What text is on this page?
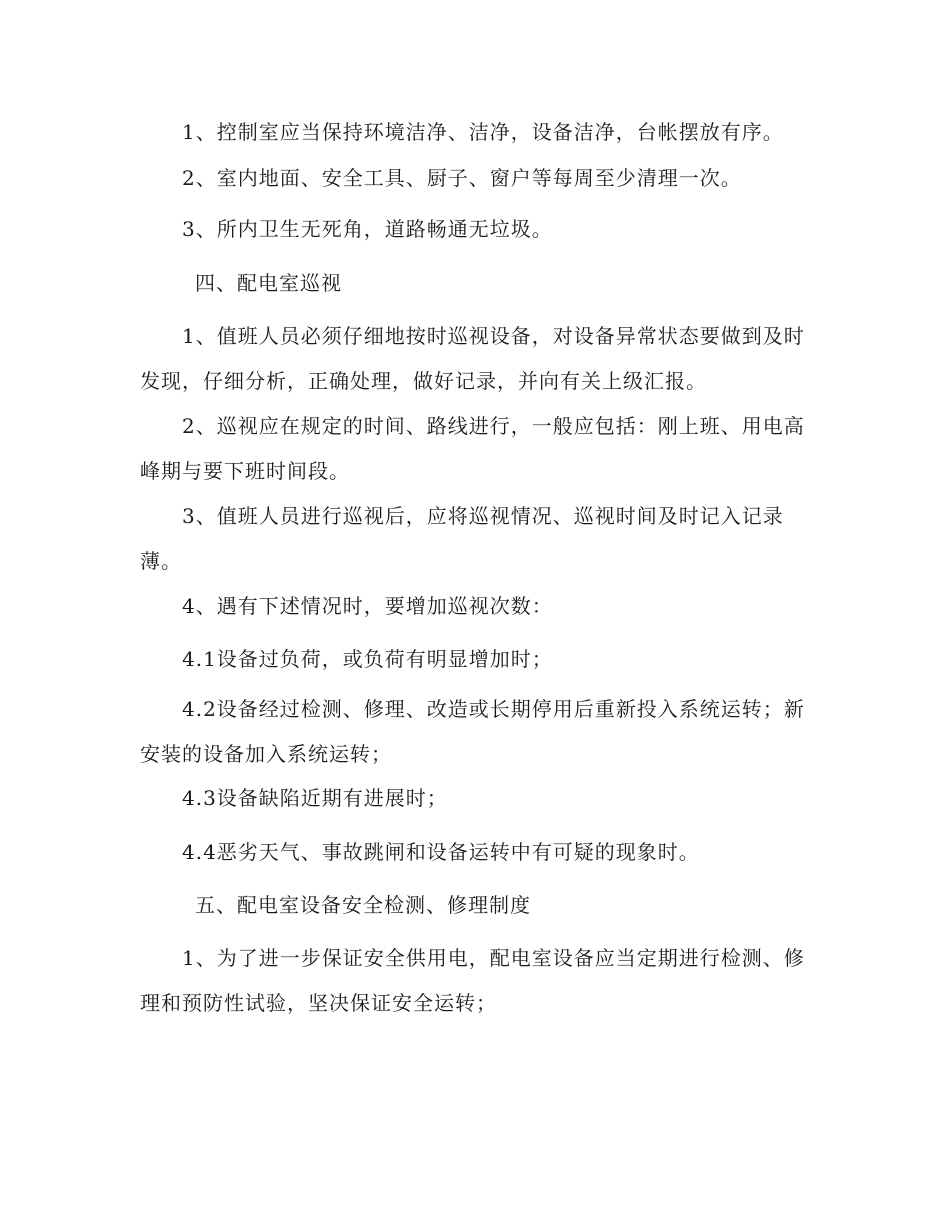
1、控制室应当保持环境洁净、洁净，设备洁净，台帐摆放有序。

2、室内地面、安全工具、厨子、窗户等每周至少清理一次。

3、所内卫生无死角，道路畅通无垃圾。

四、配电室巡视

1、值班人员必须仔细地按时巡视设备，对设备异常状态要做到及时发现，仔细分析，正确处理，做好记录，并向有关上级汇报。

2、巡视应在规定的时间、路线进行，一般应包括：刚上班、用电高峰期与要下班时间段。

3、值班人员进行巡视后，应将巡视情况、巡视时间及时记入记录薄。

4、遇有下述情况时，要增加巡视次数：

4.1设备过负荷，或负荷有明显增加时；

4.2设备经过检测、修理、改造或长期停用后重新投入系统运转；新安装的设备加入系统运转；

4.3设备缺陷近期有进展时；

4.4恶劣天气、事故跳闸和设备运转中有可疑的现象时。

五、配电室设备安全检测、修理制度

1、为了进一步保证安全供用电，配电室设备应当定期进行检测、修理和预防性试验，坚决保证安全运转；
